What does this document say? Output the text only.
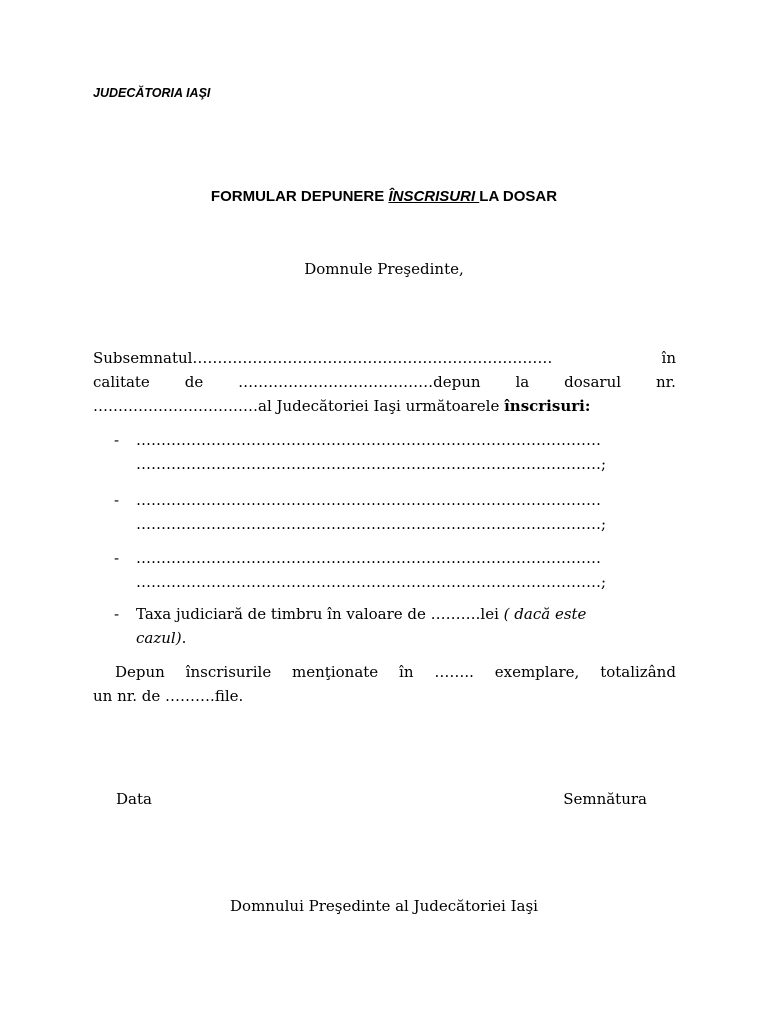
JUDECĂTORIA IAŞI
FORMULAR DEPUNERE ÎNSCRISURI LA DOSAR
Domnule Preşedinte,
Subsemnatul………………………………………………………………	în
calitate de …………………………………depun la dosarul nr.
……………………………al Judecătoriei Iaşi următoarele înscrisuri:
- …………………………………………………………………………………
…………………………………………………………………………………;
- …………………………………………………………………………………
…………………………………………………………………………………;
- …………………………………………………………………………………
…………………………………………………………………………………;
- Taxa judiciară de timbru în valoare de ……….lei ( dacă este
cazul).
Depun înscrisurile menţionate în …….. exemplare, totalizând
un nr. de ……….file.
Data	Semnătura
Domnului Preşedinte al Judecătoriei Iaşi
